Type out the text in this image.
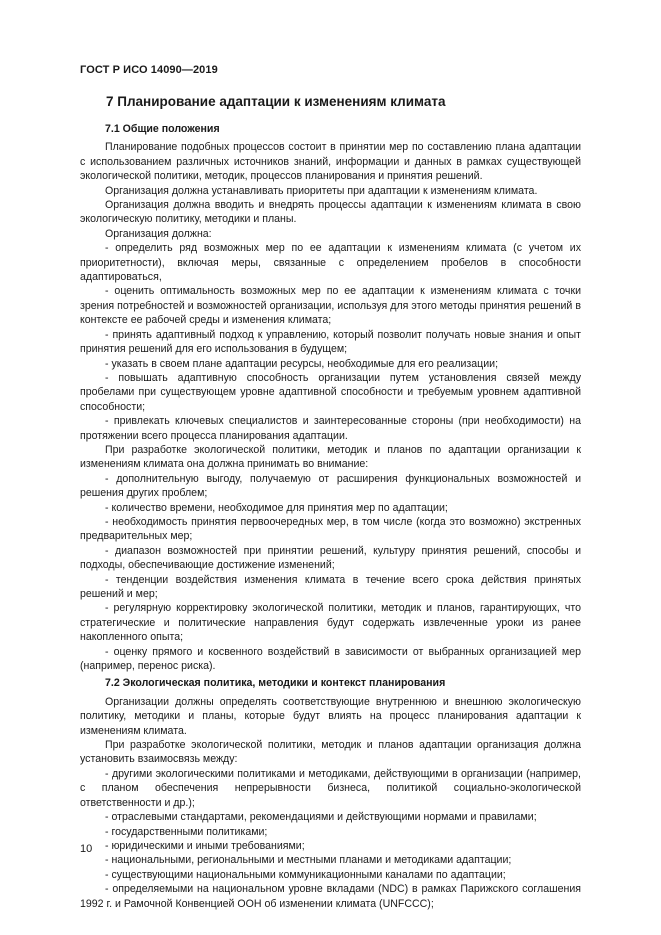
ГОСТ Р ИСО 14090—2019
7 Планирование адаптации к изменениям климата

7.1 Общие положения

Планирование подобных процессов состоит в принятии мер по составлению плана адаптации с использованием различных источников знаний, информации и данных в рамках существующей экологической политики, методик, процессов планирования и принятия решений.

Организация должна устанавливать приоритеты при адаптации к изменениям климата.

Организация должна вводить и внедрять процессы адаптации к изменениям климата в свою экологическую политику, методики и планы.

Организация должна:

- определить ряд возможных мер по ее адаптации к изменениям климата (с учетом их приоритетности), включая меры, связанные с определением пробелов в способности адаптироваться,

- оценить оптимальность возможных мер по ее адаптации к изменениям климата с точки зрения потребностей и возможностей организации, используя для этого методы принятия решений в контексте ее рабочей среды и изменения климата;

- принять адаптивный подход к управлению, который позволит получать новые знания и опыт принятия решений для его использования в будущем;

- указать в своем плане адаптации ресурсы, необходимые для его реализации;

- повышать адаптивную способность организации путем установления связей между пробелами при существующем уровне адаптивной способности и требуемым уровнем адаптивной способности;

- привлекать ключевых специалистов и заинтересованные стороны (при необходимости) на протяжении всего процесса планирования адаптации.

При разработке экологической политики, методик и планов по адаптации организации к изменениям климата она должна принимать во внимание:

- дополнительную выгоду, получаемую от расширения функциональных возможностей и решения других проблем;

- количество времени, необходимое для принятия мер по адаптации;

- необходимость принятия первоочередных мер, в том числе (когда это возможно) экстренных предварительных мер;

- диапазон возможностей при принятии решений, культуру принятия решений, способы и подходы, обеспечивающие достижение изменений;

- тенденции воздействия изменения климата в течение всего срока действия принятых решений и мер;

- регулярную корректировку экологической политики, методик и планов, гарантирующих, что стратегические и политические направления будут содержать извлеченные уроки из ранее накопленного опыта;

- оценку прямого и косвенного воздействий в зависимости от выбранных организацией мер (например, перенос риска).

7.2 Экологическая политика, методики и контекст планирования

Организации должны определять соответствующие внутреннюю и внешнюю экологическую политику, методики и планы, которые будут влиять на процесс планирования адаптации к изменениям климата.

При разработке экологической политики, методик и планов адаптации организация должна установить взаимосвязь между:

- другими экологическими политиками и методиками, действующими в организации (например, с планом обеспечения непрерывности бизнеса, политикой социально-экологической ответственности и др.);

- отраслевыми стандартами, рекомендациями и действующими нормами и правилами;

- государственными политиками;

- юридическими и иными требованиями;

- национальными, региональными и местными планами и методиками адаптации;

- существующими национальными коммуникационными каналами по адаптации;

- определяемыми на национальном уровне вкладами (NDC) в рамках Парижского соглашения 1992 г. и Рамочной Конвенцией ООН об изменении климата (UNFCCC);

10
